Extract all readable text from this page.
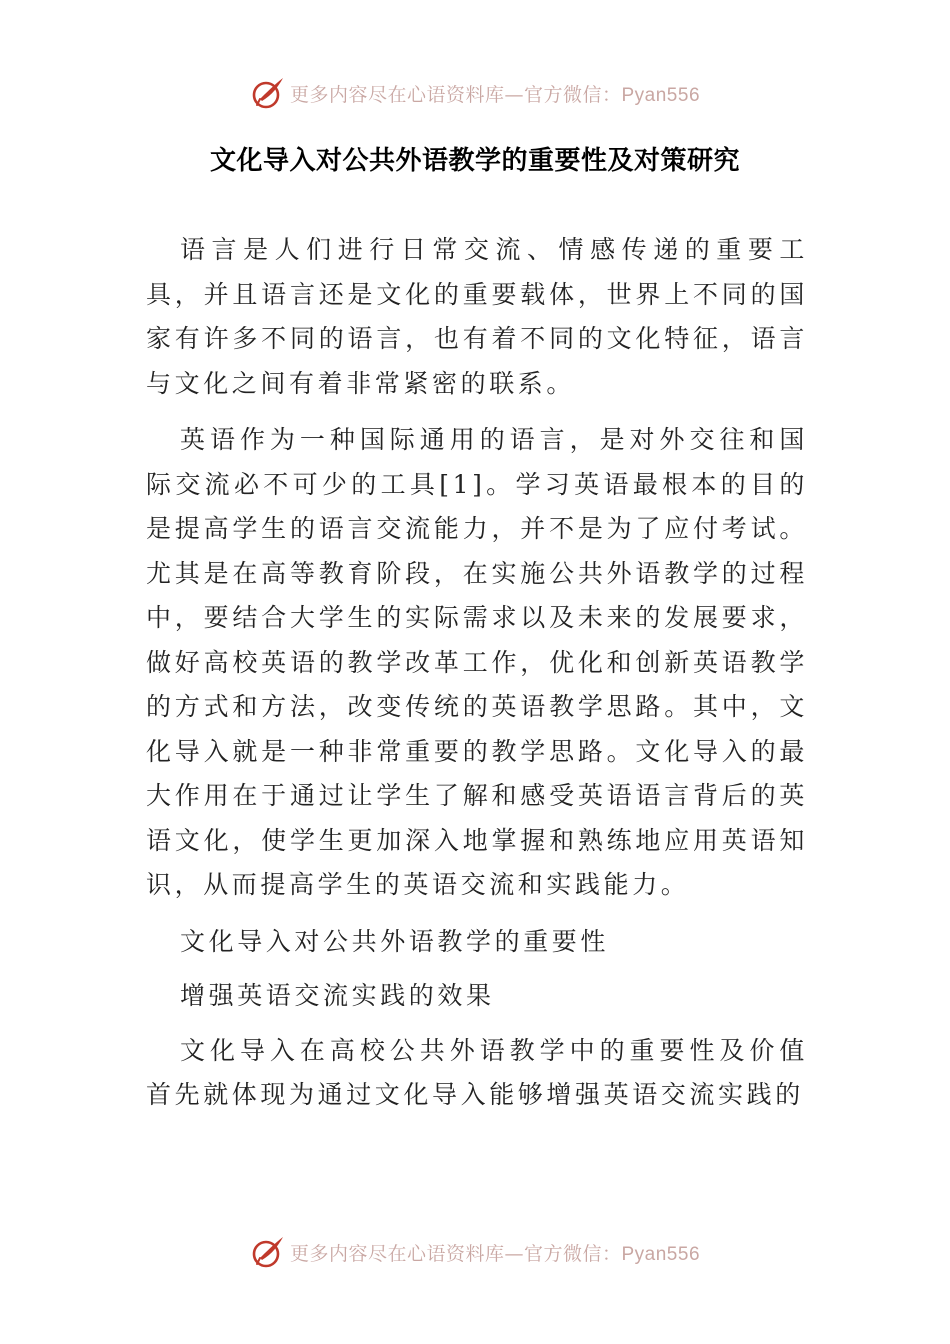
更多内容尽在心语资料库—官方微信：Pyan556
文化导入对公共外语教学的重要性及对策研究

语言是人们进行日常交流、情感传递的重要工具，并且语言还是文化的重要载体，世界上不同的国家有许多不同的语言，也有着不同的文化特征，语言与文化之间有着非常紧密的联系。

英语作为一种国际通用的语言，是对外交往和国际交流必不可少的工具[1]。学习英语最根本的目的是提高学生的语言交流能力，并不是为了应付考试。尤其是在高等教育阶段，在实施公共外语教学的过程中，要结合大学生的实际需求以及未来的发展要求，做好高校英语的教学改革工作，优化和创新英语教学的方式和方法，改变传统的英语教学思路。其中，文化导入就是一种非常重要的教学思路。文化导入的最大作用在于通过让学生了解和感受英语语言背后的英语文化，使学生更加深入地掌握和熟练地应用英语知识，从而提高学生的英语交流和实践能力。

文化导入对公共外语教学的重要性

增强英语交流实践的效果

文化导入在高校公共外语教学中的重要性及价值首先就体现为通过文化导入能够增强英语交流实践的

更多内容尽在心语资料库—官方微信：Pyan556
